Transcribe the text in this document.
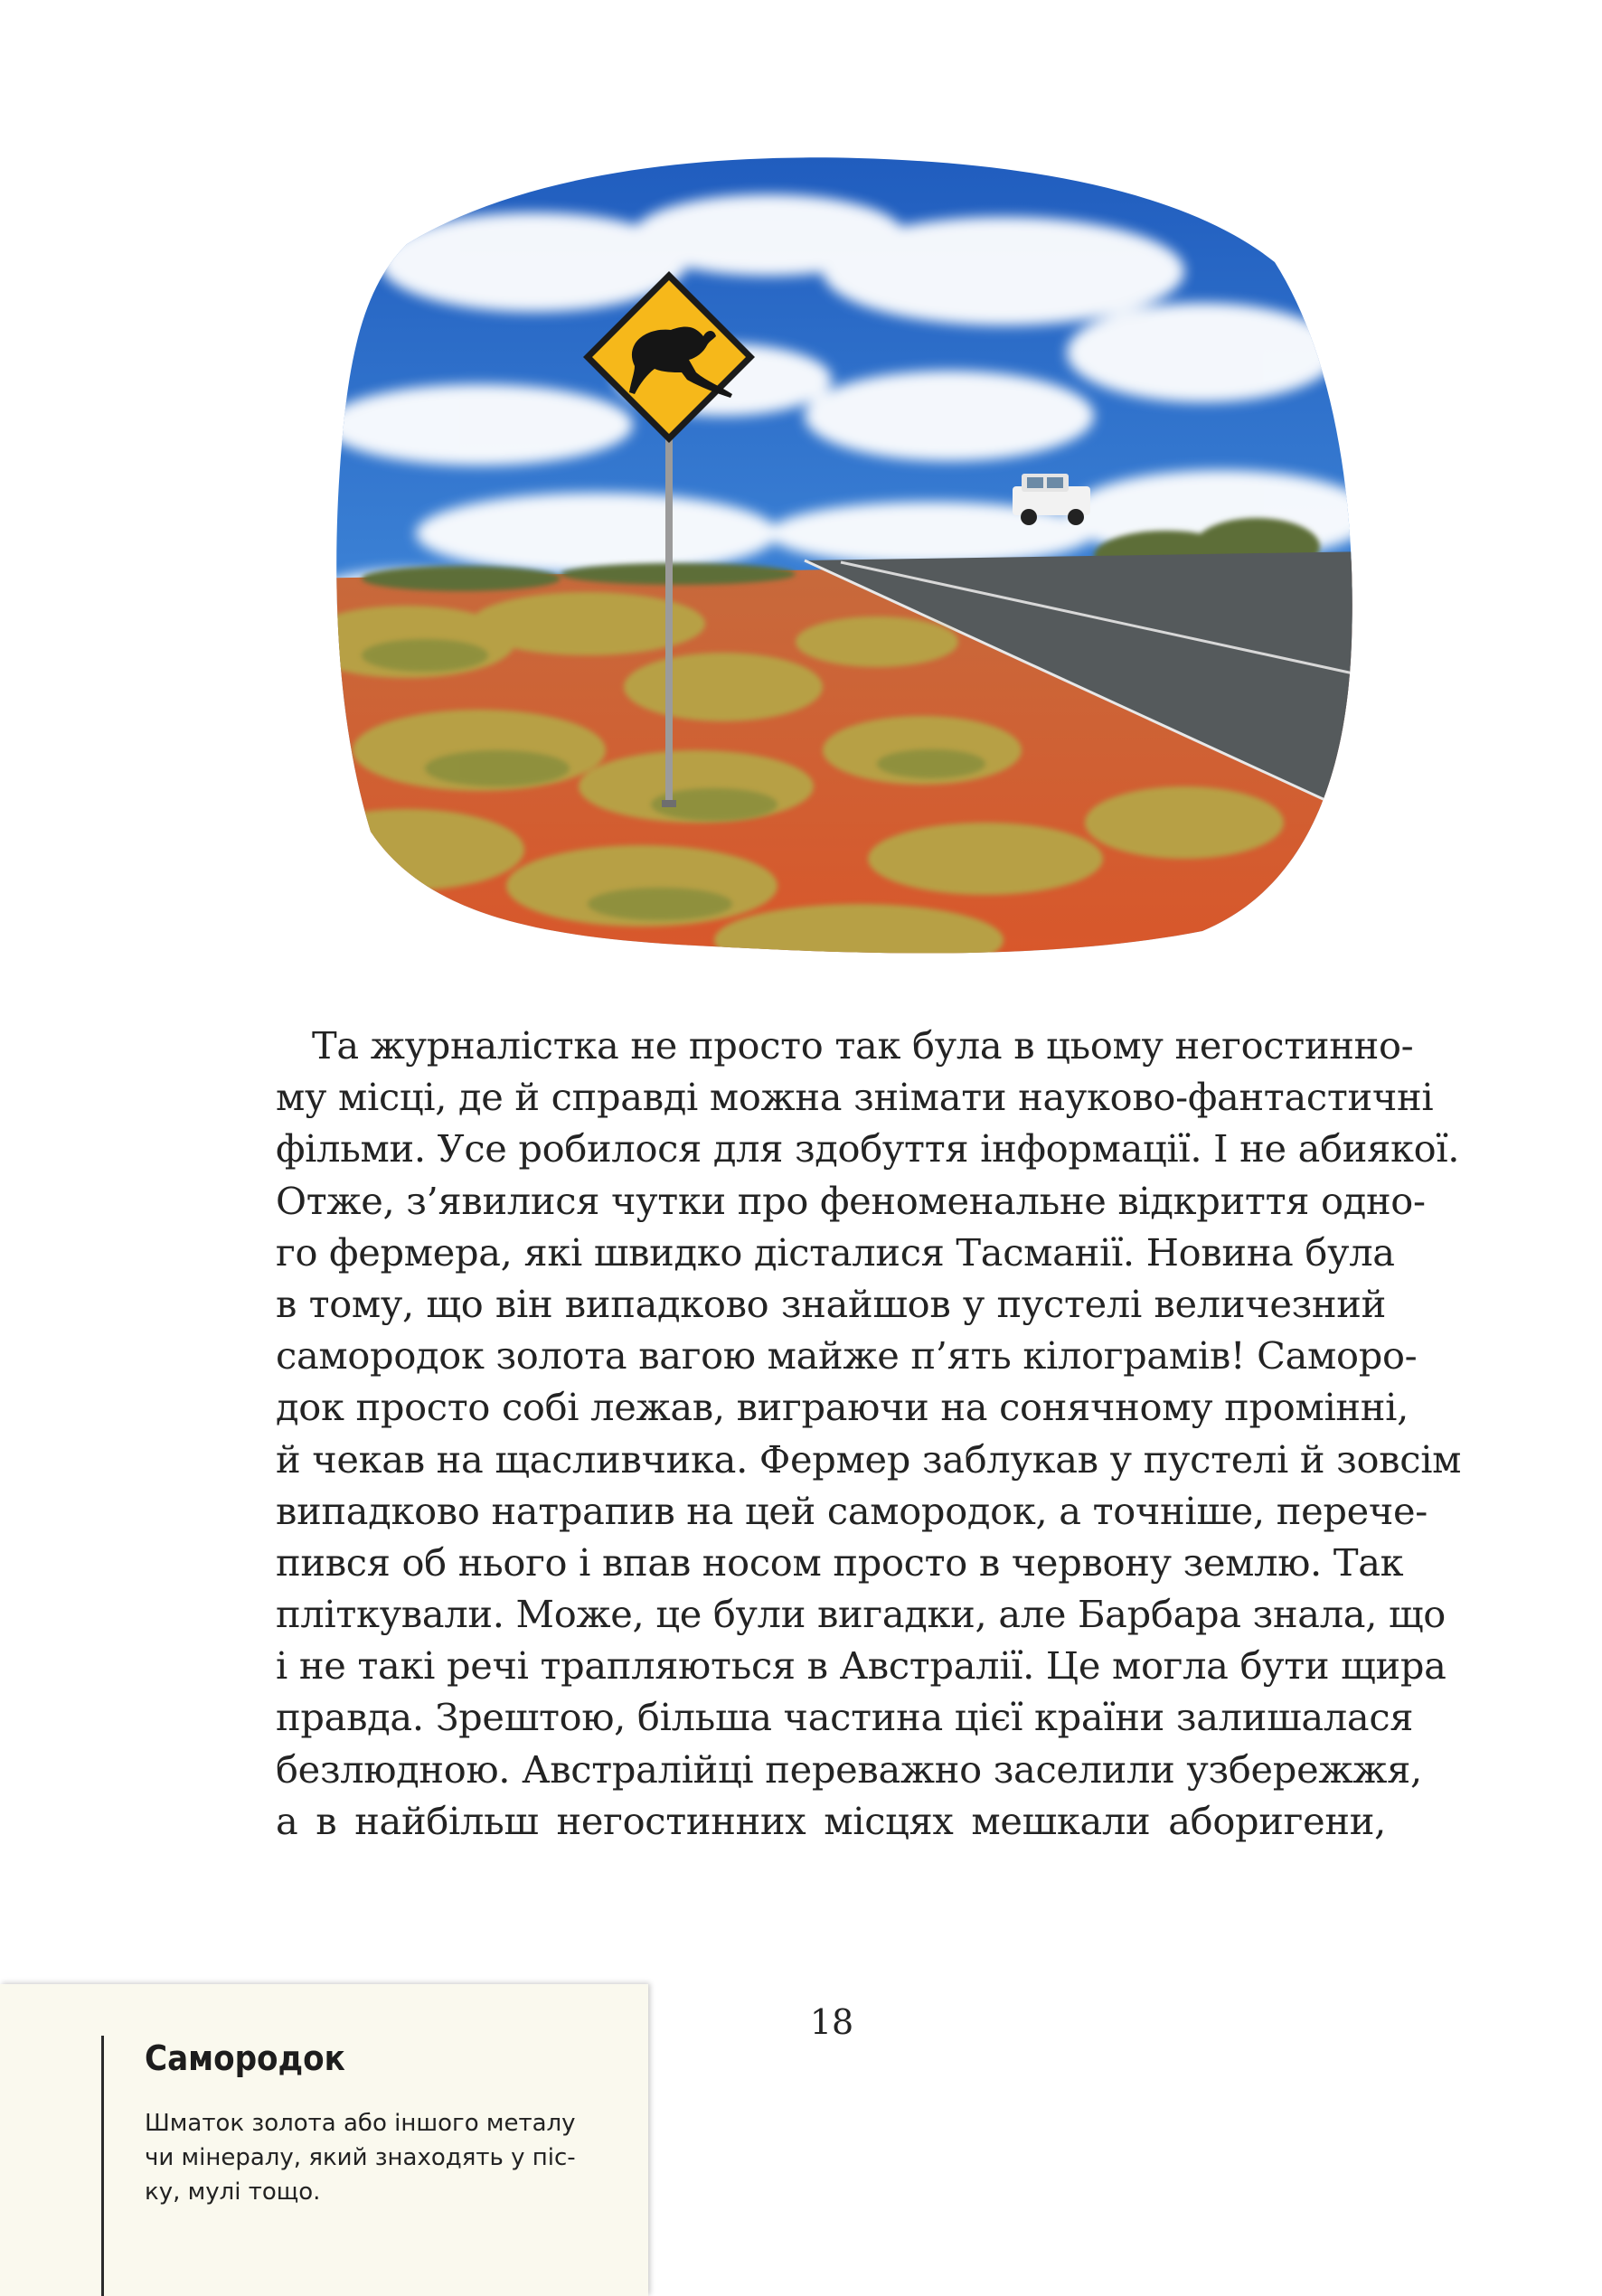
Та журналістка не просто так була в цьому негостинно-
му місці, де й справді можна знімати науково-фантастичні
фільми. Усе робилося для здобуття інформації. І не абиякої.
Отже, з’явилися чутки про феноменальне відкриття одно-
го фермера, які швидко дісталися Тасманії. Новина була
в тому, що він випадково знайшов у пустелі величезний
самородок золота вагою майже п’ять кілограмів! Саморо-
док просто собі лежав, виграючи на сонячному промінні,
й чекав на щасливчика. Фермер заблукав у пустелі й зовсім
випадково натрапив на цей самородок, а точніше, перече-
пився об нього і впав носом просто в червону землю. Так
пліткували. Може, це були вигадки, але Барбара знала, що
і не такі речі трапляються в Австралії. Це могла бути щира
правда. Зрештою, більша частина цієї країни залишалася
безлюдною. Австралійці переважно заселили узбережжя,
а в найбільш негостинних місцях мешкали аборигени,
Самородок
Шматок золота або іншого металу
чи мінералу, який знаходять у піс-
ку, мулі тощо.
18
